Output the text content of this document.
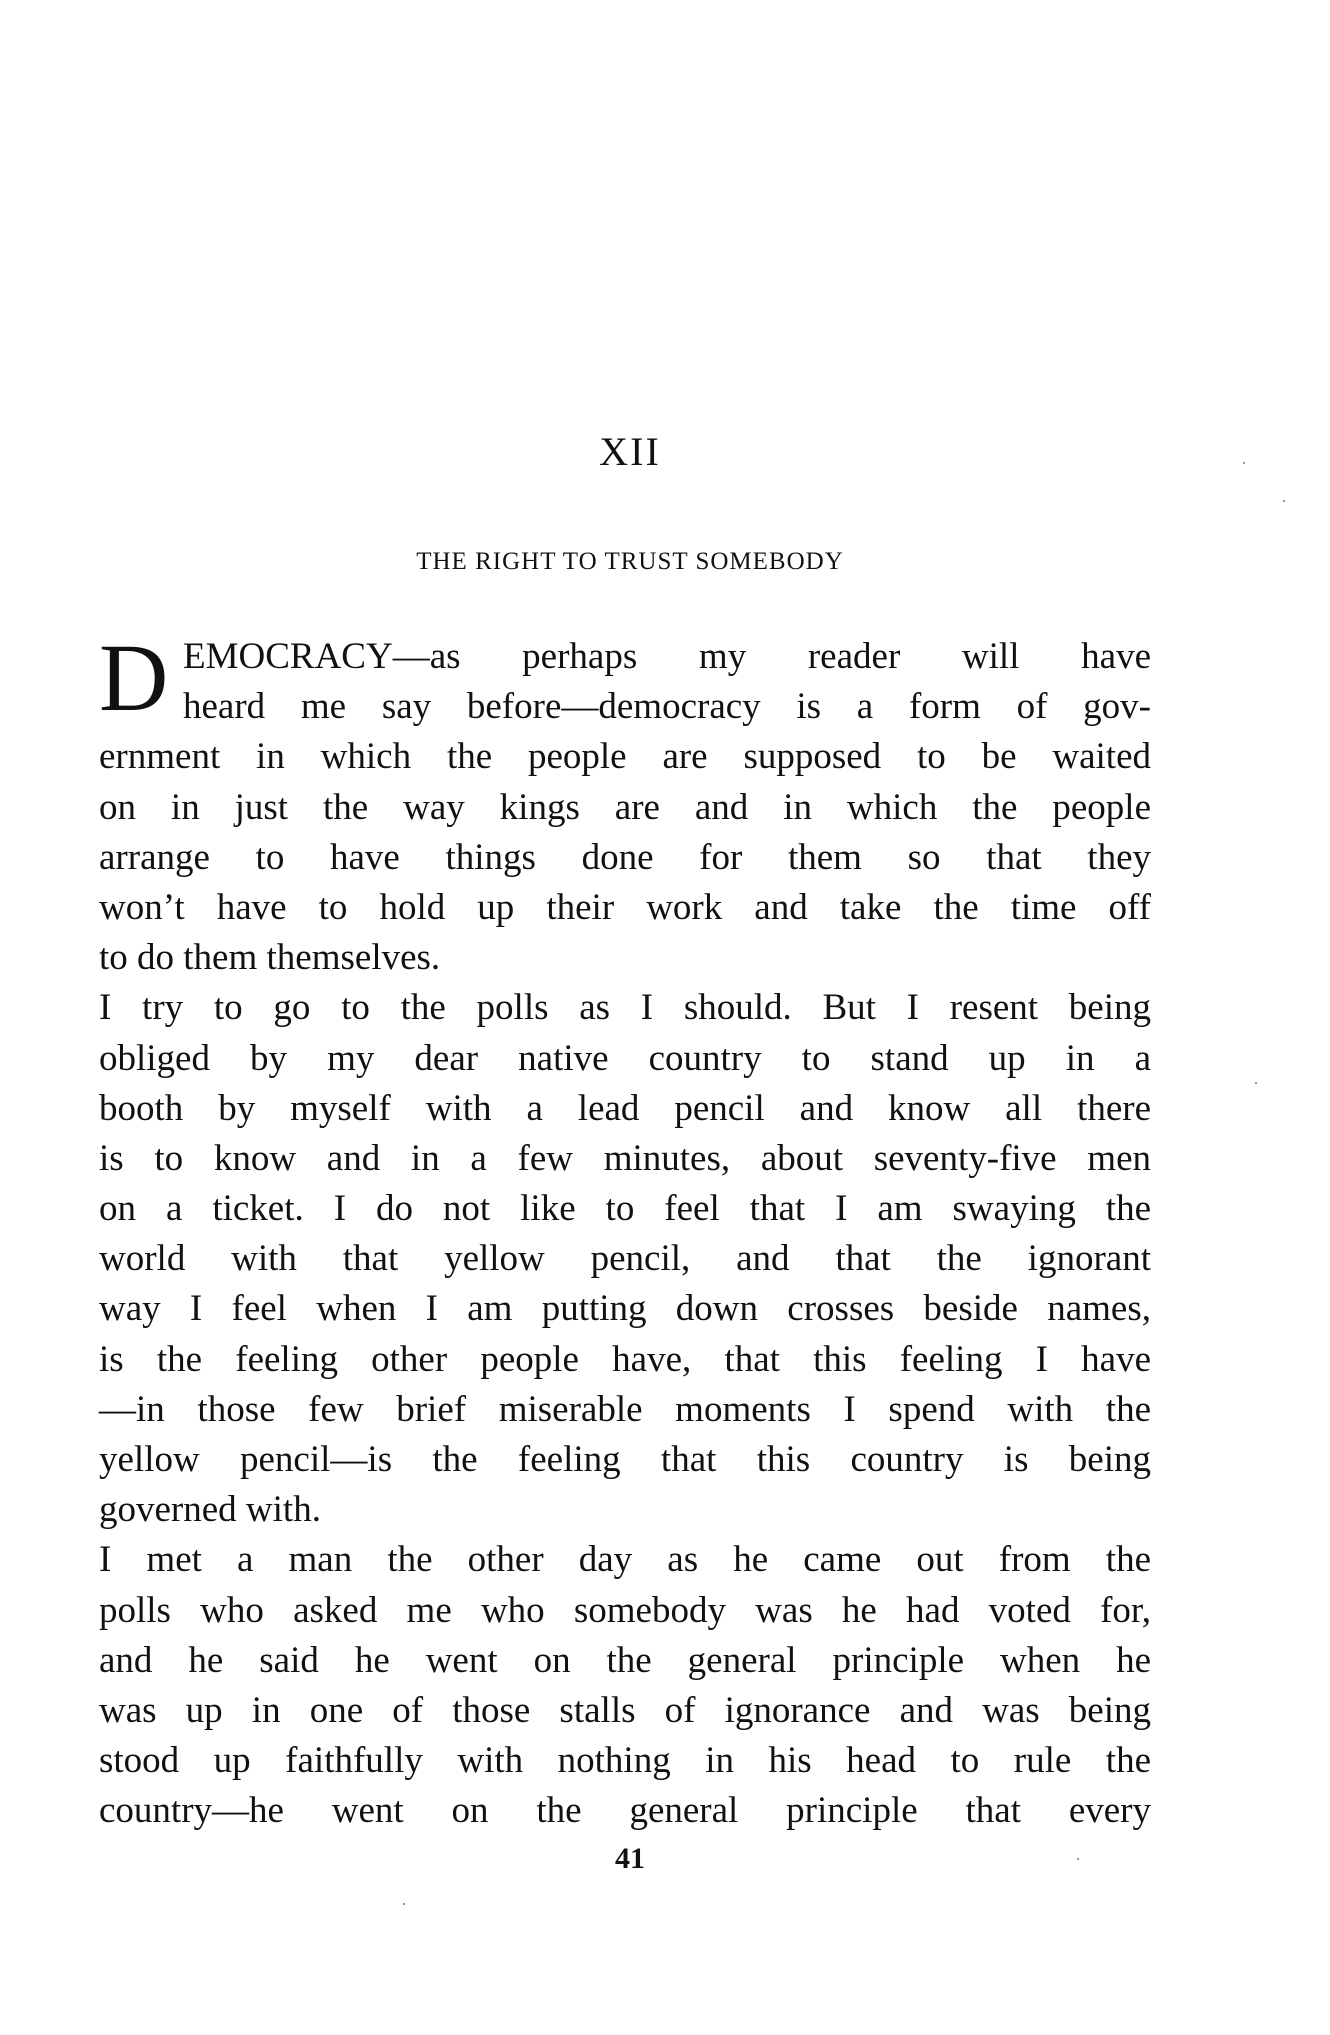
XII
THE RIGHT TO TRUST SOMEBODY
D EMOCRACY—as perhaps my reader will have
heard me say before—democracy is a form of gov-
ernment in which the people are supposed to be waited
on in just the way kings are and in which the people
arrange to have things done for them so that they
won’t have to hold up their work and take the time off
to do them themselves.
I try to go to the polls as I should. But I resent being
obliged by my dear native country to stand up in a
booth by myself with a lead pencil and know all there
is to know and in a few minutes, about seventy-five men
on a ticket. I do not like to feel that I am swaying the
world with that yellow pencil, and that the ignorant
way I feel when I am putting down crosses beside names,
is the feeling other people have, that this feeling I have
—in those few brief miserable moments I spend with the
yellow pencil—is the feeling that this country is being
governed with.
I met a man the other day as he came out from the
polls who asked me who somebody was he had voted for,
and he said he went on the general principle when he
was up in one of those stalls of ignorance and was being
stood up faithfully with nothing in his head to rule the
country—he went on the general principle that every
41
